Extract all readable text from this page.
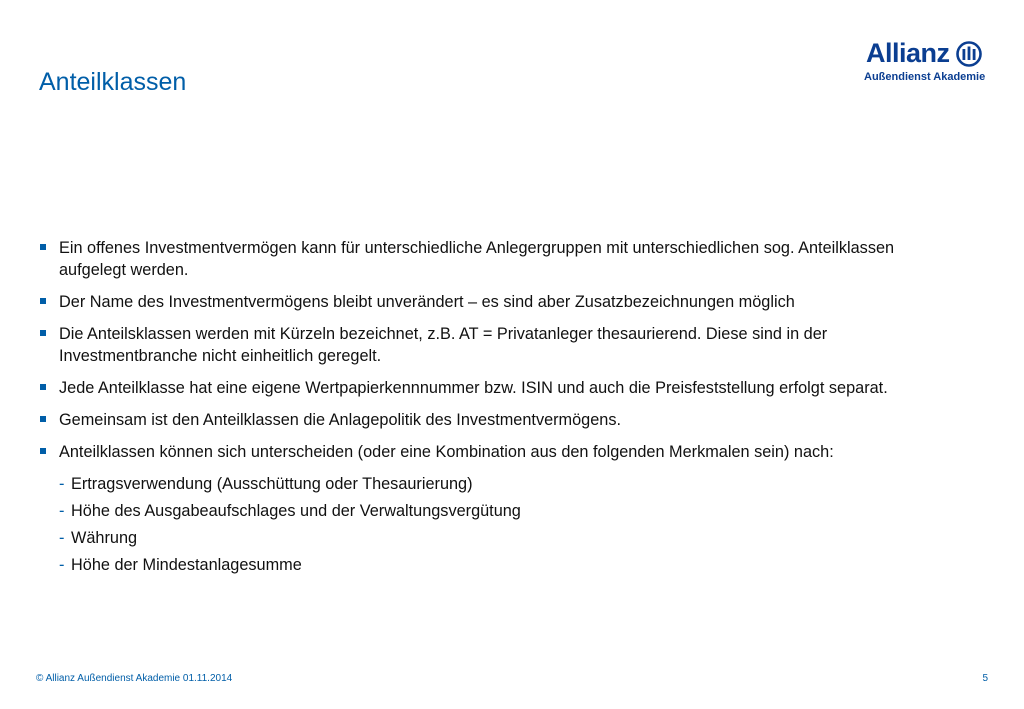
Anteilklassen
Allianz
Außendienst Akademie
Ein offenes Investmentvermögen kann für unterschiedliche Anlegergruppen mit unterschiedlichen sog. Anteilklassen aufgelegt werden.
Der Name des Investmentvermögens bleibt unverändert – es sind aber Zusatzbezeichnungen möglich
Die Anteilsklassen werden mit Kürzeln bezeichnet, z.B. AT = Privatanleger thesaurierend. Diese sind in der Investmentbranche nicht einheitlich geregelt.
Jede Anteilklasse hat eine eigene Wertpapierkennnummer bzw. ISIN und auch die Preisfeststellung erfolgt separat.
Gemeinsam ist den Anteilklassen die Anlagepolitik des Investmentvermögens.
Anteilklassen können sich unterscheiden (oder eine Kombination aus den folgenden Merkmalen sein) nach:
- Ertragsverwendung (Ausschüttung oder Thesaurierung)
- Höhe des Ausgabeaufschlages und der Verwaltungsvergütung
- Währung
- Höhe der Mindestanlagesumme
© Allianz Außendienst Akademie 01.11.2014	5
